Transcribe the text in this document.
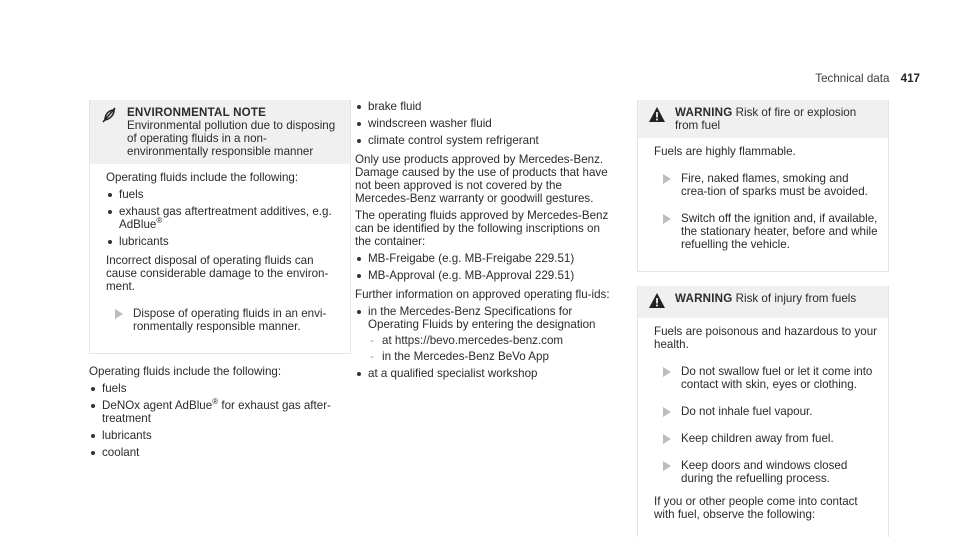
Technical data 417
ENVIRONMENTAL NOTE Environmental pollution due to disposing of operating fluids in a non-environmentally responsible manner

Operating fluids include the following:

fuels
exhaust gas aftertreatment additives, e.g. AdBlue®
lubricants

Incorrect disposal of operating fluids can cause considerable damage to the environ-ment.

Dispose of operating fluids in an envi-ronmentally responsible manner.

Operating fluids include the following:

fuels
DeNOx agent AdBlue® for exhaust gas after-treatment
lubricants
coolant
brake fluid
windscreen washer fluid
climate control system refrigerant

Only use products approved by Mercedes-Benz. Damage caused by the use of products that have not been approved is not covered by the Mercedes-Benz warranty or goodwill gestures.

The operating fluids approved by Mercedes-Benz can be identified by the following inscriptions on the container:

MB-Freigabe (e.g. MB-Freigabe 229.51)
MB-Approval (e.g. MB-Approval 229.51)

Further information on approved operating flu-ids:

in the Mercedes-Benz Specifications for Operating Fluids by entering the designation
- at https://bevo.mercedes-benz.com
- in the Mercedes-Benz BeVo App
at a qualified specialist workshop
WARNING Risk of fire or explosion from fuel

Fuels are highly flammable.

Fire, naked flames, smoking and crea-tion of sparks must be avoided.
Switch off the ignition and, if available, the stationary heater, before and while refuelling the vehicle.
WARNING Risk of injury from fuels

Fuels are poisonous and hazardous to your health.

Do not swallow fuel or let it come into contact with skin, eyes or clothing.
Do not inhale fuel vapour.
Keep children away from fuel.
Keep doors and windows closed during the refuelling process.

If you or other people come into contact with fuel, observe the following:
